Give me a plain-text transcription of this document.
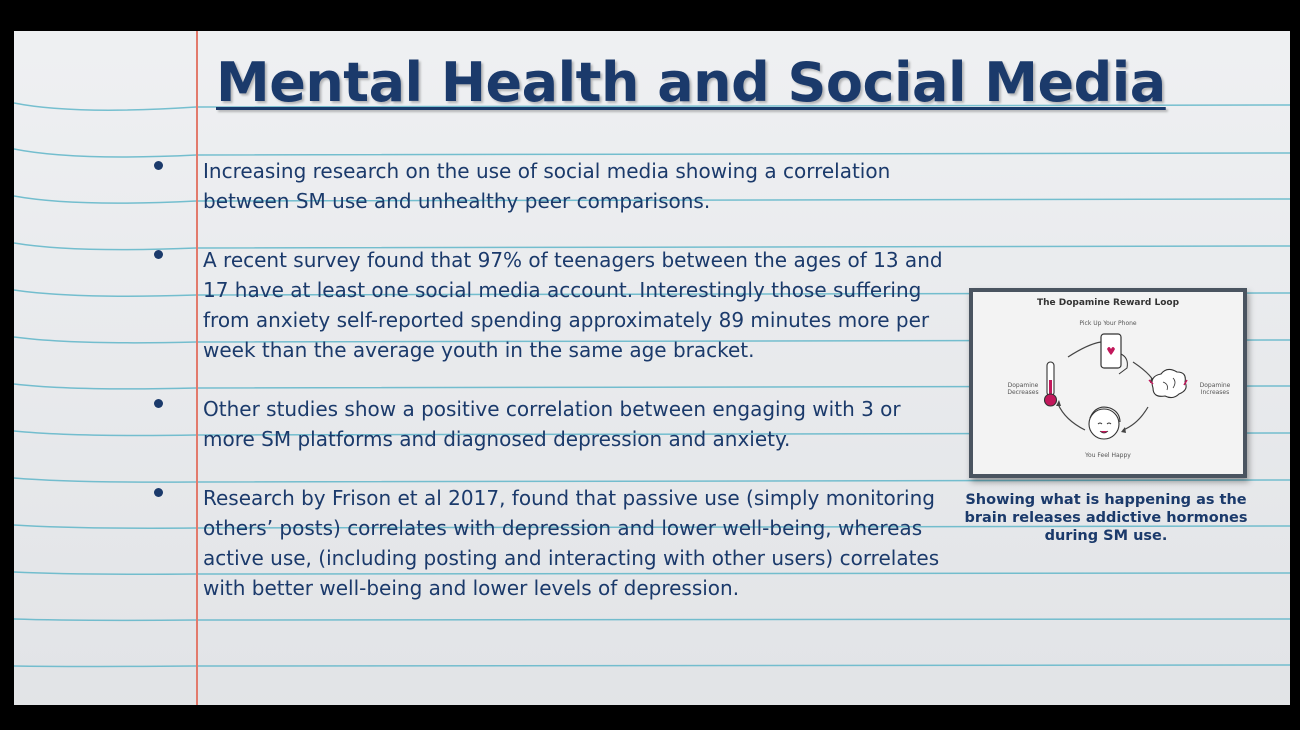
Mental Health and Social Media

Increasing research on the use of social media showing a correlation between SM use and unhealthy peer comparisons.

A recent survey found that 97% of teenagers between the ages of 13 and 17 have at least one social media account. Interestingly those suffering from anxiety self-reported spending approximately 89 minutes more per week than the average youth in the same age bracket.

Other studies show a positive correlation between engaging with 3 or more SM platforms and diagnosed depression and anxiety.

Research by Frison et al 2017, found that passive use (simply monitoring others’ posts) correlates with depression and lower well-being, whereas active use, (including posting and interacting with other users) correlates with better well-being and lower levels of depression.

The Dopamine Reward Loop
Pick Up Your Phone
Dopamine Decreases
Dopamine Increases
You Feel Happy

Showing what is happening as the brain releases addictive hormones during SM use.
